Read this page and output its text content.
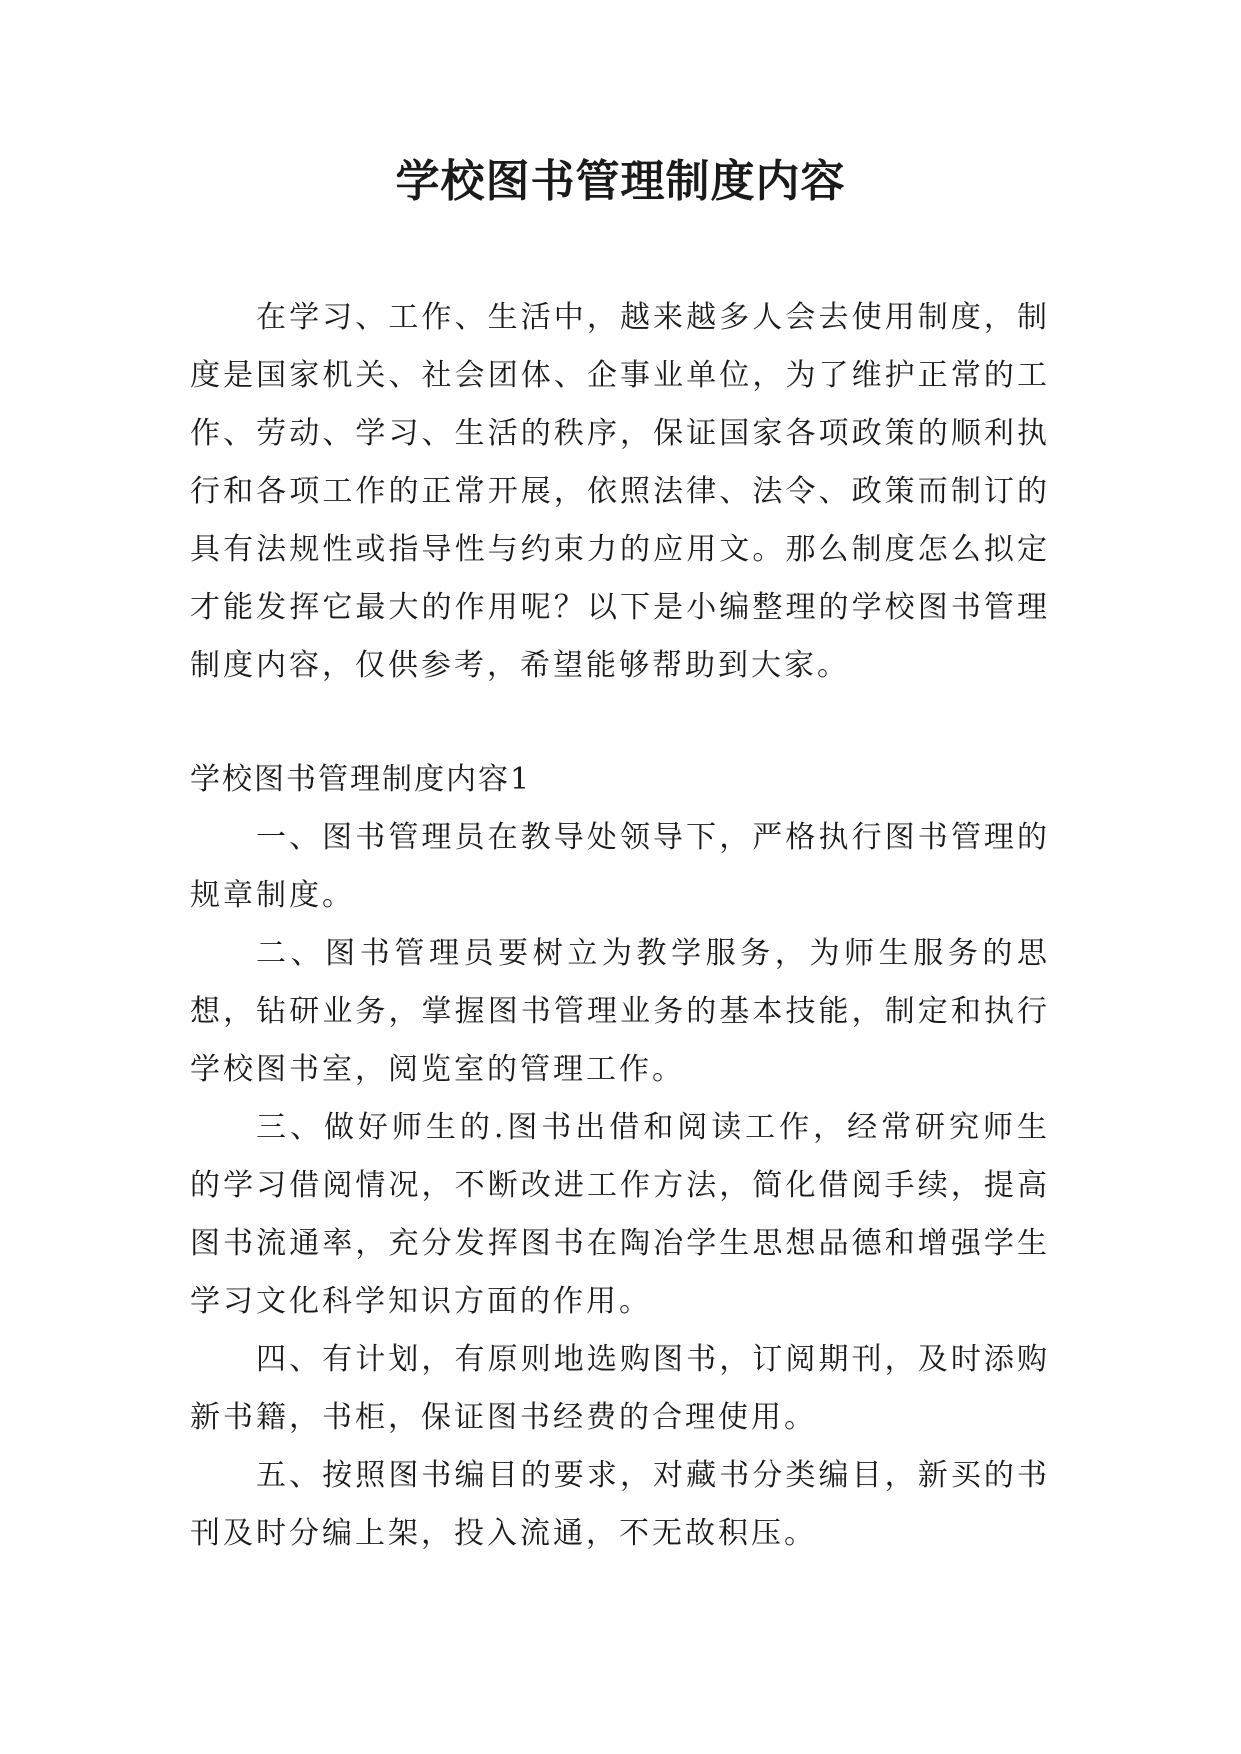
学校图书管理制度内容
在学习、工作、生活中，越来越多人会去使用制度，制度是国家机关、社会团体、企事业单位，为了维护正常的工作、劳动、学习、生活的秩序，保证国家各项政策的顺利执行和各项工作的正常开展，依照法律、法令、政策而制订的具有法规性或指导性与约束力的应用文。那么制度怎么拟定才能发挥它最大的作用呢？以下是小编整理的学校图书管理制度内容，仅供参考，希望能够帮助到大家。
学校图书管理制度内容1

一、图书管理员在教导处领导下，严格执行图书管理的规章制度。

二、图书管理员要树立为教学服务，为师生服务的思想，钻研业务，掌握图书管理业务的基本技能，制定和执行学校图书室，阅览室的管理工作。

三、做好师生的.图书出借和阅读工作，经常研究师生的学习借阅情况，不断改进工作方法，简化借阅手续，提高图书流通率，充分发挥图书在陶冶学生思想品德和增强学生学习文化科学知识方面的作用。

四、有计划，有原则地选购图书，订阅期刊，及时添购新书籍，书柜，保证图书经费的合理使用。

五、按照图书编目的要求，对藏书分类编目，新买的书刊及时分编上架，投入流通，不无故积压。
